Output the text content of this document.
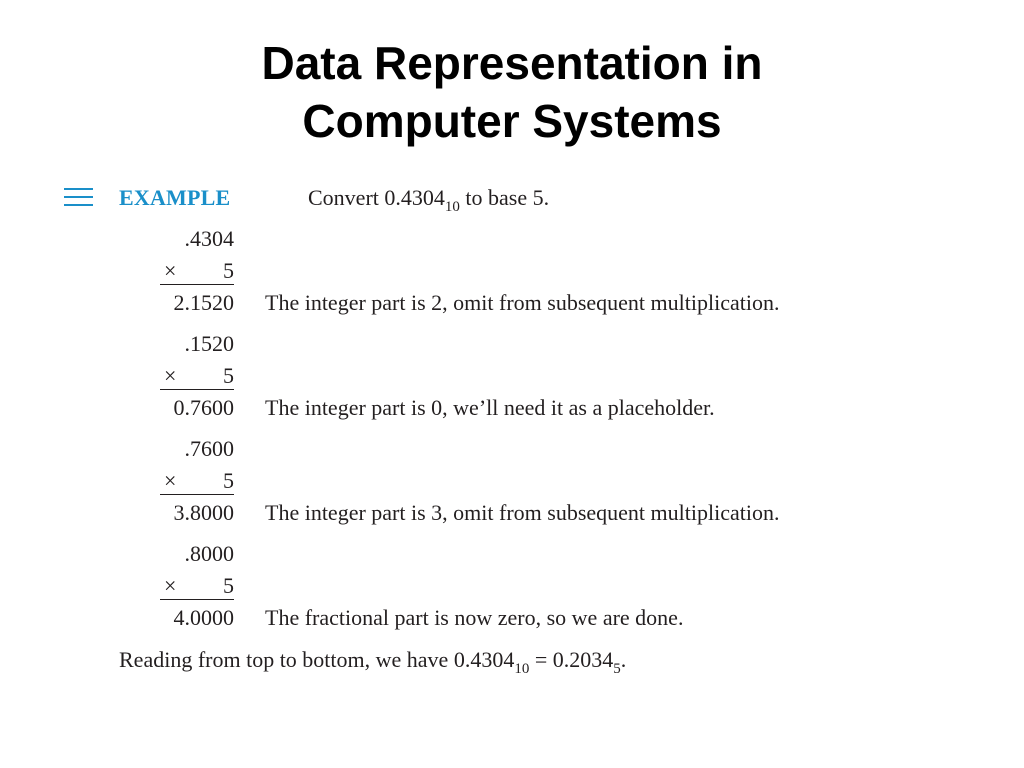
Data Representation in
Computer Systems
EXAMPLE	Convert $0.4304_{10}$ to base 5.
.4304
× 5
2.1520 The integer part is 2, omit from subsequent multiplication.
.1520
× 5
0.7600 The integer part is 0, we’ll need it as a placeholder.
.7600
× 5
3.8000 The integer part is 3, omit from subsequent multiplication.
.8000
× 5
4.0000 The fractional part is now zero, so we are done.
Reading from top to bottom, we have $0.4304_{10} = 0.2034_5$.
